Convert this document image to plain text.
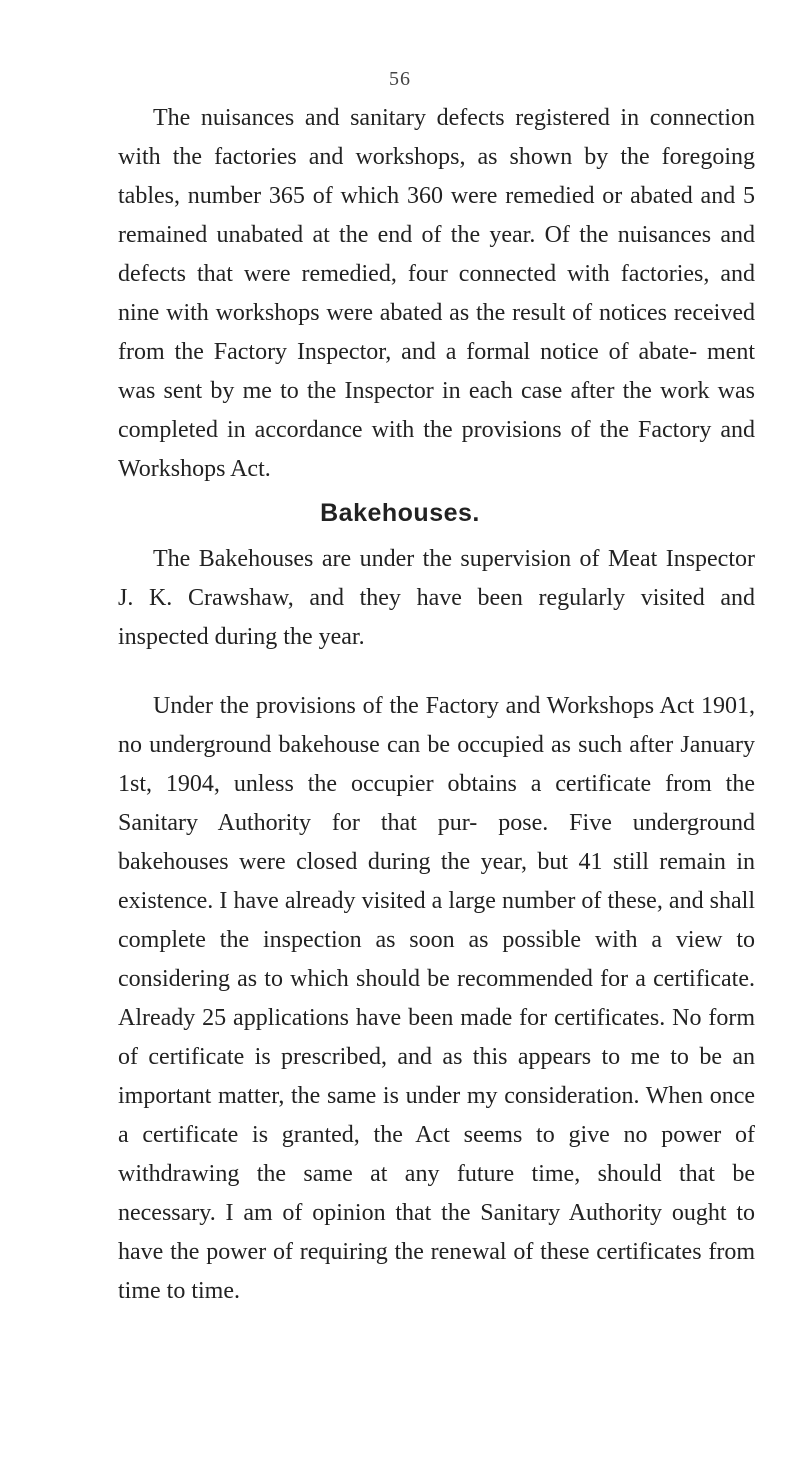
56

The nuisances and sanitary defects registered in connection with the factories and workshops, as shown by the foregoing tables, number 365 of which 360 were remedied or abated and 5 remained unabated at the end of the year. Of the nuisances and defects that were remedied, four connected with factories, and nine with workshops were abated as the result of notices received from the Factory Inspector, and a formal notice of abate- ment was sent by me to the Inspector in each case after the work was completed in accordance with the provisions of the Factory and Workshops Act.

Bakehouses.

The Bakehouses are under the supervision of Meat Inspector J. K. Crawshaw, and they have been regularly visited and inspected during the year.

Under the provisions of the Factory and Workshops Act 1901, no underground bakehouse can be occupied as such after January 1st, 1904, unless the occupier obtains a certificate from the Sanitary Authority for that pur- pose. Five underground bakehouses were closed during the year, but 41 still remain in existence. I have already visited a large number of these, and shall complete the inspection as soon as possible with a view to considering as to which should be recommended for a certificate. Already 25 applications have been made for certificates. No form of certificate is prescribed, and as this appears to me to be an important matter, the same is under my consideration. When once a certificate is granted, the Act seems to give no power of withdrawing the same at any future time, should that be necessary. I am of opinion that the Sanitary Authority ought to have the power of requiring the renewal of these certificates from time to time.
